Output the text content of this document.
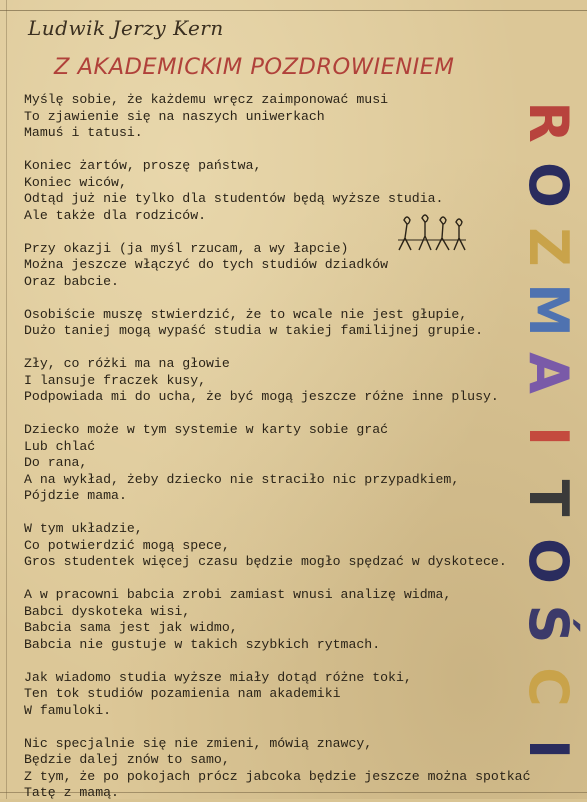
Ludwik Jerzy Kern
Z AKADEMICKIM POZDROWIENIEM
Myślę sobie, że każdemu wręcz zaimponować musi
To zjawienie się na naszych uniwerkach
Mamuś i tatusi.
Koniec żartów, proszę państwa,
Koniec wiców,
Odtąd już nie tylko dla studentów będą wyższe studia.
Ale także dla rodziców.
Przy okazji (ja myśl rzucam, a wy łapcie)
Można jeszcze włączyć do tych studiów dziadków
Oraz babcie.
Osobiście muszę stwierdzić, że to wcale nie jest głupie,
Dużo taniej mogą wypaść studia w takiej familijnej grupie.
Zły, co różki ma na głowie
I lansuje fraczek kusy,
Podpowiada mi do ucha, że być mogą jeszcze różne inne plusy.
Dziecko może w tym systemie w karty sobie grać
Lub chlać
Do rana,
A na wykład, żeby dziecko nie straciło nic przypadkiem,
Pójdzie mama.
W tym układzie,
Co potwierdzić mogą spece,
Gros studentek więcej czasu będzie mogło spędzać w dyskotece.
A w pracowni babcia zrobi zamiast wnusi analizę widma,
Babci dyskoteka wisi,
Babcia sama jest jak widmo,
Babcia nie gustuje w takich szybkich rytmach.
Jak wiadomo studia wyższe miały dotąd różne toki,
Ten tok studiów pozamienia nam akademiki
W famuloki.
Nic specjalnie się nie zmieni, mówią znawcy,
Będzie dalej znów to samo,
Z tym, że po pokojach prócz jabcoka będzie jeszcze można spotkać
Tatę z mamą.
R
O
Z
M
A
I
T
O
Ś
C
I
